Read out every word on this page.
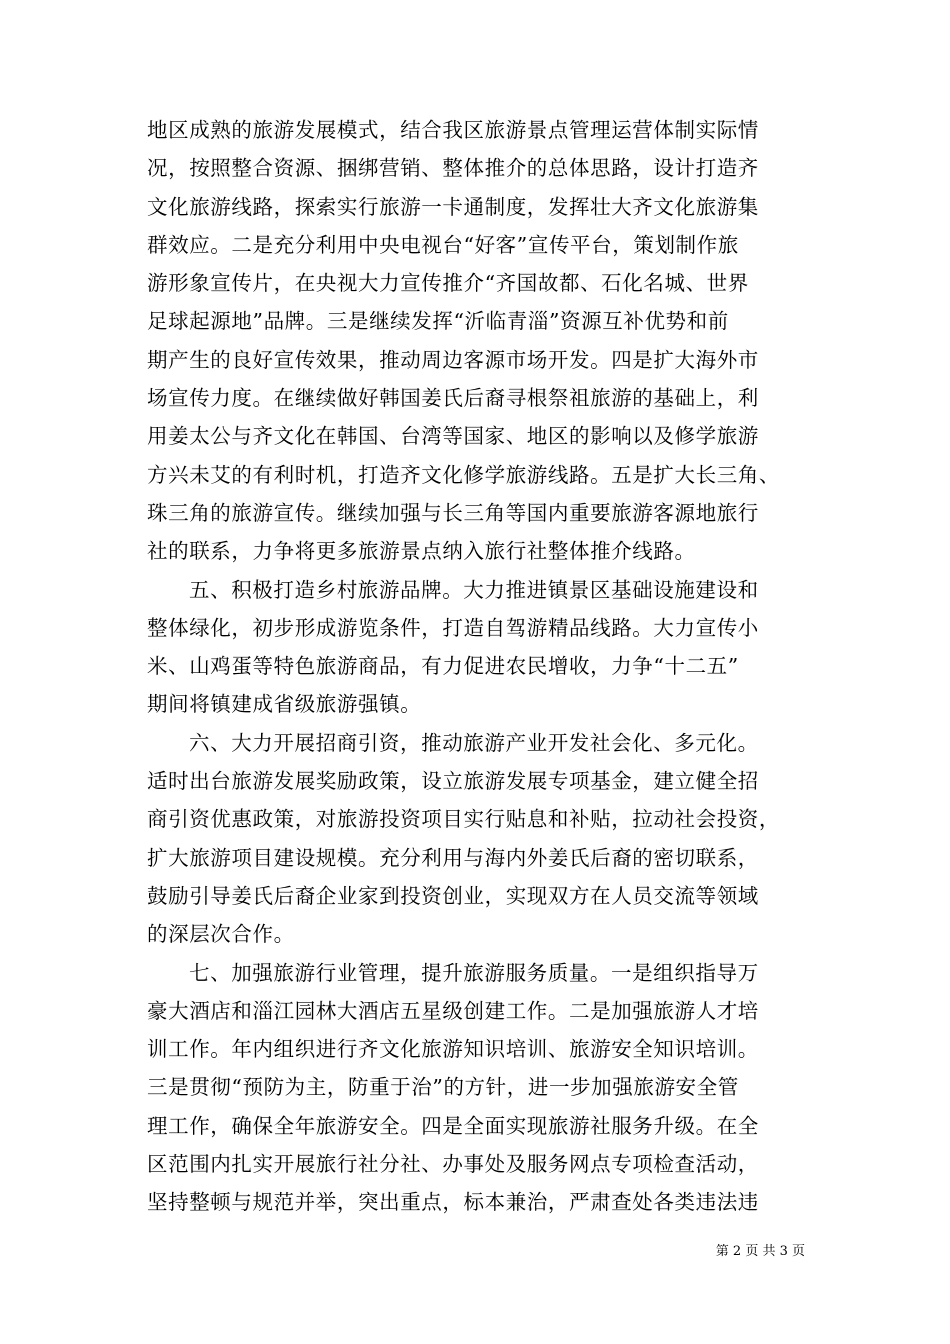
地区成熟的旅游发展模式，结合我区旅游景点管理运营体制实际情
况，按照整合资源、捆绑营销、整体推介的总体思路，设计打造齐
文化旅游线路，探索实行旅游一卡通制度，发挥壮大齐文化旅游集
群效应。二是充分利用中央电视台“好客”宣传平台，策划制作旅
游形象宣传片，在央视大力宣传推介“齐国故都、石化名城、世界
足球起源地”品牌。三是继续发挥“沂临青淄”资源互补优势和前
期产生的良好宣传效果，推动周边客源市场开发。四是扩大海外市
场宣传力度。在继续做好韩国姜氏后裔寻根祭祖旅游的基础上，利
用姜太公与齐文化在韩国、台湾等国家、地区的影响以及修学旅游
方兴未艾的有利时机，打造齐文化修学旅游线路。五是扩大长三角、
珠三角的旅游宣传。继续加强与长三角等国内重要旅游客源地旅行
社的联系，力争将更多旅游景点纳入旅行社整体推介线路。
五、积极打造乡村旅游品牌。大力推进镇景区基础设施建设和
整体绿化，初步形成游览条件，打造自驾游精品线路。大力宣传小
米、山鸡蛋等特色旅游商品，有力促进农民增收，力争“十二五”
期间将镇建成省级旅游强镇。
六、大力开展招商引资，推动旅游产业开发社会化、多元化。
适时出台旅游发展奖励政策，设立旅游发展专项基金，建立健全招
商引资优惠政策，对旅游投资项目实行贴息和补贴，拉动社会投资，
扩大旅游项目建设规模。充分利用与海内外姜氏后裔的密切联系，
鼓励引导姜氏后裔企业家到投资创业，实现双方在人员交流等领域
的深层次合作。
七、加强旅游行业管理，提升旅游服务质量。一是组织指导万
豪大酒店和淄江园林大酒店五星级创建工作。二是加强旅游人才培
训工作。年内组织进行齐文化旅游知识培训、旅游安全知识培训。
三是贯彻“预防为主，防重于治”的方针，进一步加强旅游安全管
理工作，确保全年旅游安全。四是全面实现旅游社服务升级。在全
区范围内扎实开展旅行社分社、办事处及服务网点专项检查活动，
坚持整顿与规范并举，突出重点，标本兼治，严肃查处各类违法违
第 2 页 共 3 页
